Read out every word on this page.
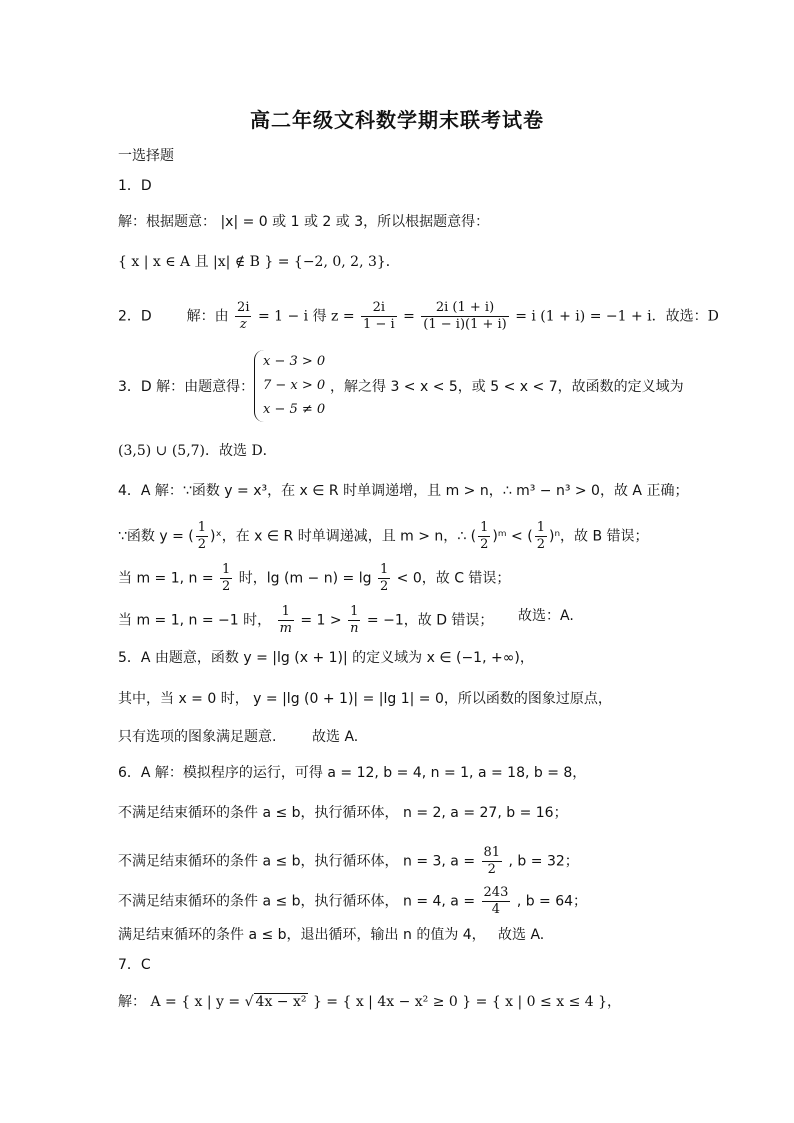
高二年级文科数学期末联考试卷
一选择题
1．D
解：根据题意： |x| = 0 或 1 或 2 或 3，所以根据题意得：
{ x | x ∈ A 且 |x| ∉ B } = {−2, 0, 2, 3}．
2．D 解：由 $\frac{2i}{z} = 1 - i$ 得 $z = \frac{2i}{1 - i} = \frac{2i (1 + i)}{(1 - i)(1 + i)} = i$ (1 + i) = −1 + i．故选：D
3．D 解：由题意得：
x − 3 > 0
7 − x > 0
x − 5 ≠ 0
，解之得 3 < x < 5，或 5 < x < 7，故函数的定义域为
(3,5) ∪ (5,7)．故选 D．
4．A 解：∵函数 y = x³，在 x ∈ R 时单调递增，且 m > n，∴ m³ − n³ > 0，故 A 正确；
∵函数 y = ( $\frac{1}{2}$ )ˣ，在 x ∈ R 时单调递减，且 m > n，∴ ( $\frac{1}{2}$ )ᵐ < ( $\frac{1}{2} )^n$，故 B 错误；
当 m = 1, $n = \frac{1}{2}$ 时，$\lg (m - n) = \lg \frac{1}{2} < 0$，故 C 错误；
当 m = 1, n = −1 时， $\frac{1}{m} = 1 > \frac{1}{n} = -1$，故 D 错误； 故选：A.
5．A 由题意，函数 y = |lg (x + 1)| 的定义域为 x ∈ (−1, +∞)，
其中，当 x = 0 时， y = |lg (0 + 1)| = |lg 1| = 0，所以函数的图象过原点，
只有选项的图象满足题意.	故选 A.
6．A 解：模拟程序的运行，可得 a = 12, b = 4, n = 1, a = 18, b = 8，
不满足结束循环的条件 a ≤ b，执行循环体， n = 2, a = 27, b = 16；
不满足结束循环的条件 a ≤ b，执行循环体， n = 3, $a = \frac{81}{2}$ , b = 32；
不满足结束循环的条件 a ≤ b，执行循环体， n = 4, $a = \frac{243}{4}$ , b = 64；
满足结束循环的条件 a ≤ b，退出循环，输出 n 的值为 4， 故选 A.
7．C
解： A = { x | y = √ 4x − x² } = { x | 4x − x² ≥ 0 } = { x | 0 ≤ x ≤ 4 }，
